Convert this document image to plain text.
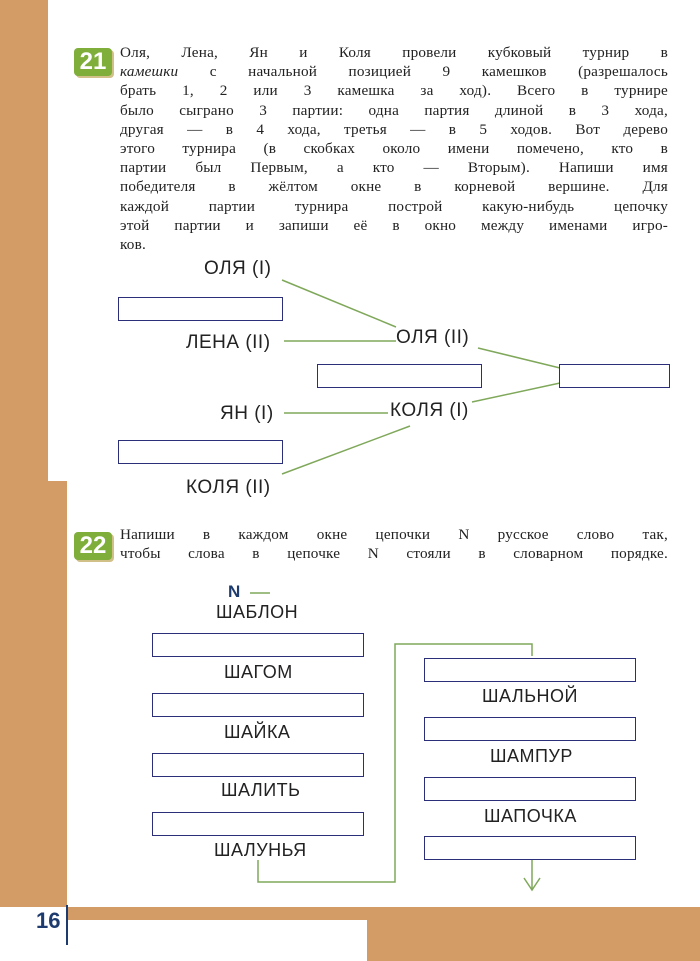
16
21 Оля, Лена, Ян и Коля провели кубковый турнир в
камешки с начальной позицией 9 камешков (разрешалось
брать 1, 2 или 3 камешка за ход). Всего в турнире
было сыграно 3 партии: одна партия длиной в 3 хода,
другая — в 4 хода, третья — в 5 ходов. Вот дерево
этого турнира (в скобках около имени помечено, кто в
партии был Первым, а кто — Вторым). Напиши имя
победителя в жёлтом окне в корневой вершине. Для
каждой партии турнира построй какую-нибудь цепочку
этой партии и запиши её в окно между именами игро-
ков.
ОЛЯ (I)
ЛЕНА (II)	ОЛЯ (II)
ЯН (I)	КОЛЯ (I)
КОЛЯ (II)
22 Напиши в каждом окне цепочки N русское слово так,
чтобы слова в цепочке N стояли в словарном порядке.
N
ШАБЛОН
ШАГОМ
ШАЙКА
ШАЛИТЬ
ШАЛУНЬЯ
ШАЛЬНОЙ
ШАМПУР
ШАПОЧКА
